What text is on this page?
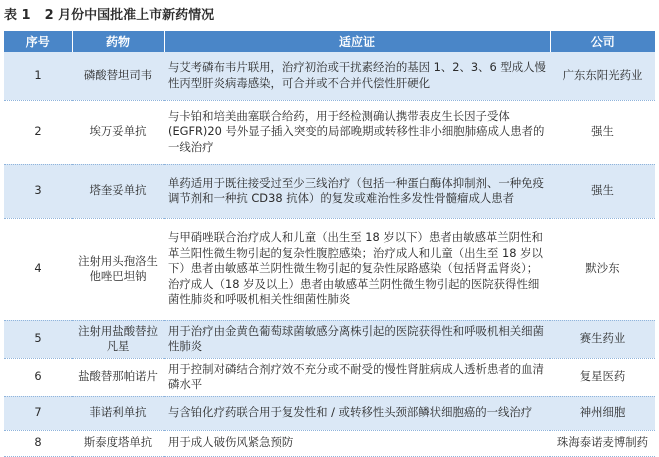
表 1 2 月份中国批准上市新药情况
序号	药物	适应证	公司
1	磷酸替坦司韦	与艾考磷布韦片联用，治疗初治或干扰素经治的基因 1、2、3、6 型成人慢性丙型肝炎病毒感染，可合并或不合并代偿性肝硬化	广东东阳光药业
2	埃万妥单抗	与卡铂和培美曲塞联合给药，用于经检测确认携带表皮生长因子受体(EGFR)20 号外显子插入突变的局部晚期或转移性非小细胞肺癌成人患者的一线治疗	强生
3	塔奎妥单抗	单药适用于既往接受过至少三线治疗（包括一种蛋白酶体抑制剂、一种免疫调节剂和一种抗 CD38 抗体）的复发或难治性多发性骨髓瘤成人患者	强生
4	注射用头孢洛生他唑巴坦钠	与甲硝唑联合治疗成人和儿童（出生至 18 岁以下）患者由敏感革兰阴性和革兰阳性微生物引起的复杂性腹腔感染；治疗成人和儿童（出生至 18 岁以下）患者由敏感革兰阴性微生物引起的复杂性尿路感染（包括肾盂肾炎）；治疗成人（18 岁及以上）患者由敏感革兰阴性微生物引起的医院获得性细菌性肺炎和呼吸机相关性细菌性肺炎	默沙东
5	注射用盐酸替拉凡星	用于治疗由金黄色葡萄球菌敏感分离株引起的医院获得性和呼吸机相关细菌性肺炎	赛生药业
6	盐酸替那帕诺片	用于控制对磷结合剂疗效不充分或不耐受的慢性肾脏病成人透析患者的血清磷水平	复星医药
7	菲诺利单抗	与含铂化疗药联合用于复发性和 / 或转移性头颈部鳞状细胞癌的一线治疗	神州细胞
8	斯泰度塔单抗	用于成人破伤风紧急预防	珠海泰诺麦博制药
